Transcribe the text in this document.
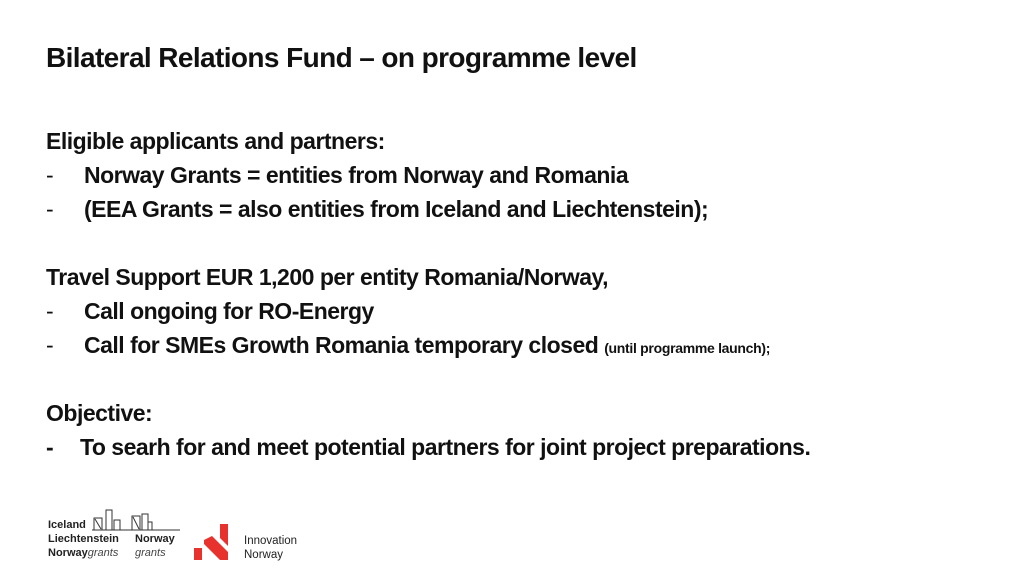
Bilateral Relations Fund – on programme level
Eligible applicants and partners:
- Norway Grants = entities from Norway and Romania
- (EEA Grants = also entities from Iceland and Liechtenstein);
Travel Support EUR 1,200 per entity Romania/Norway,
- Call ongoing for RO-Energy
- Call for SMEs Growth Romania temporary closed (until programme launch);
Objective:
- To searh for and meet potential partners for joint project preparations.
Iceland
Liechtenstein
Norwaygrants
Norway
grants
Innovation
Norway
